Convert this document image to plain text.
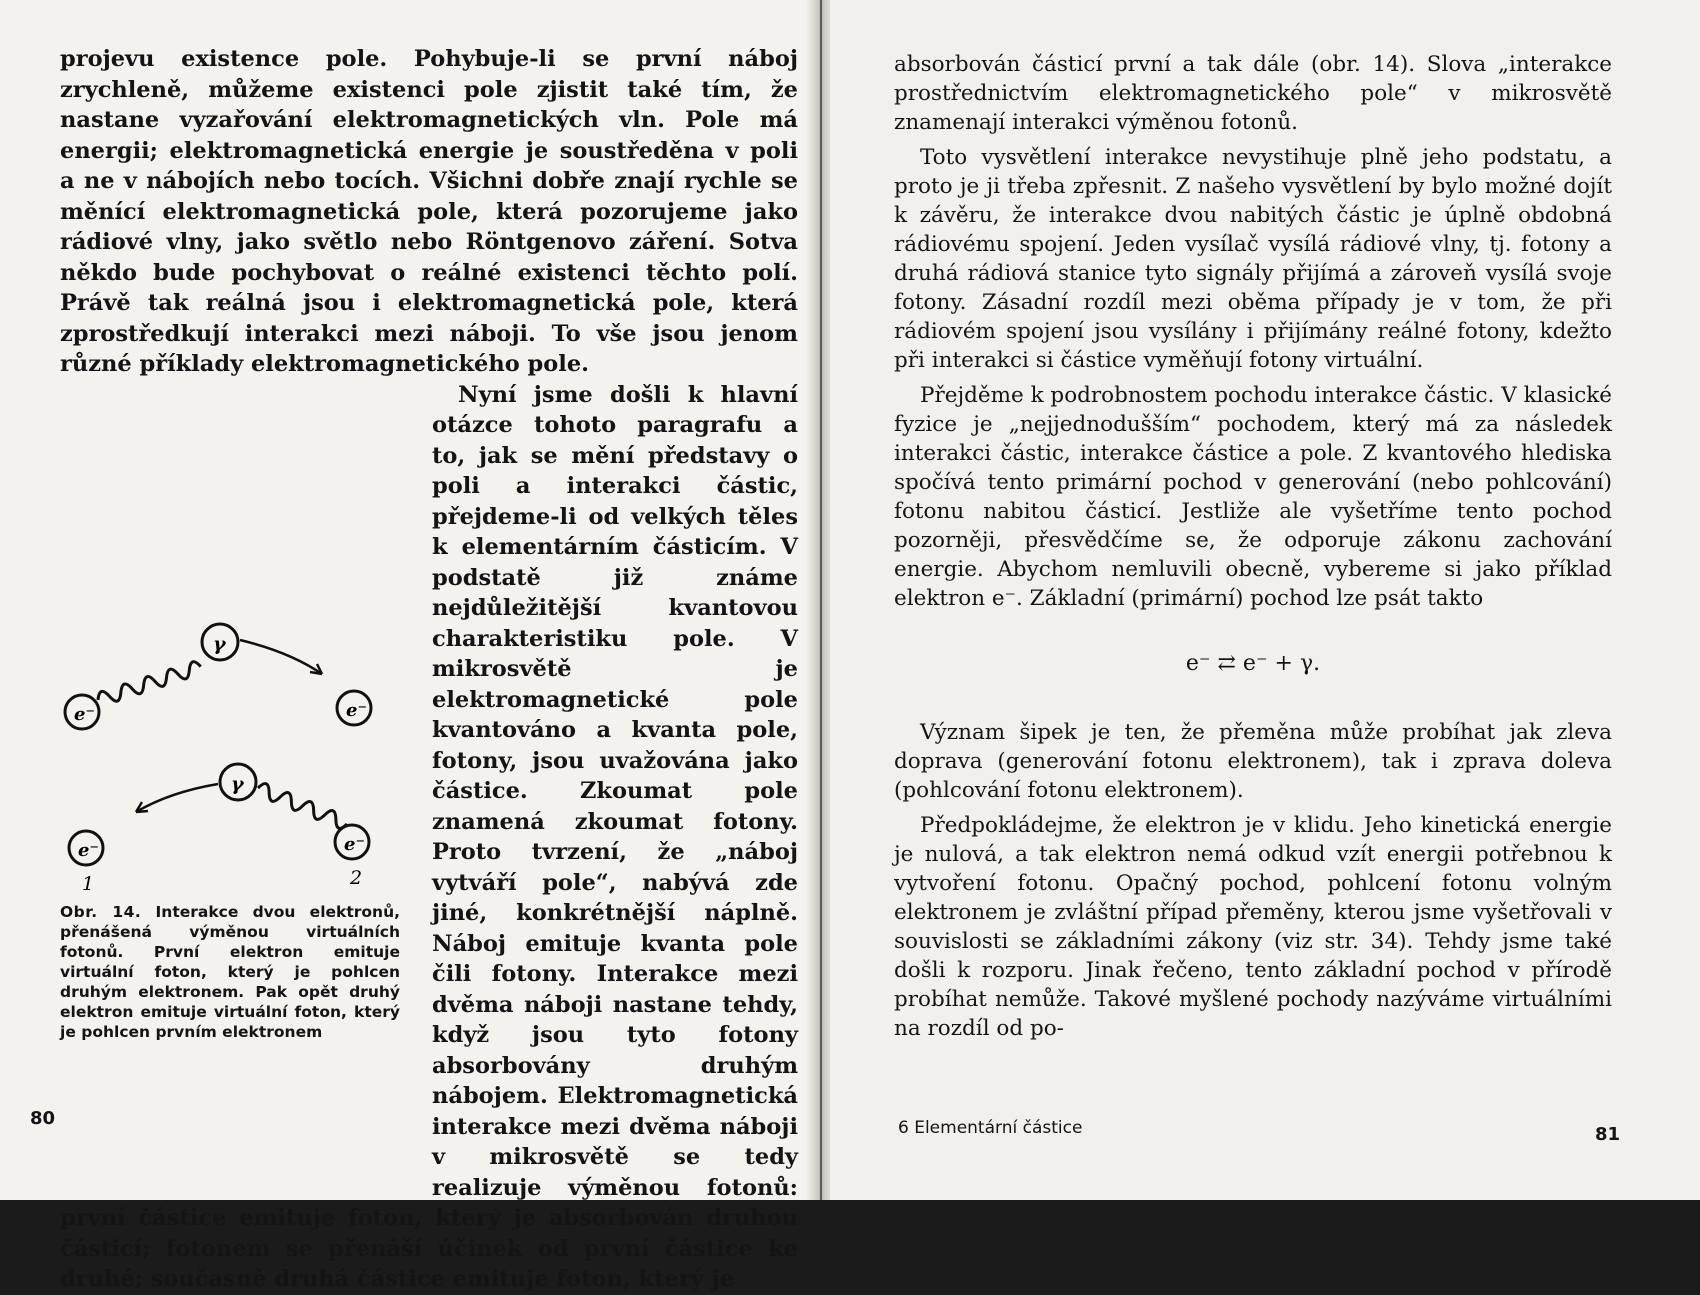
projevu existence pole. Pohybuje-li se první náboj zrychleně, můžeme existenci pole zjistit také tím, že nastane vyzařování elektromagnetických vln. Pole má energii; elektromagnetická energie je soustředěna v poli a ne v nábojích nebo tocích. Všichni dobře znají rychle se měnící elektromagnetická pole, která pozorujeme jako rádiové vlny, jako světlo nebo Röntgenovo záření. Sotva někdo bude pochybovat o reálné existenci těchto polí. Právě tak reálná jsou i elektromagnetická pole, která zprostředkují interakci mezi náboji. To vše jsou jenom různé příklady elektromagnetického pole.

e⁻
γ
e⁻
γ
e⁻
e⁻
1	2
Obr. 14. Interakce dvou elektronů, přenášená výměnou virtuálních fotonů. První elektron emituje virtuální foton, který je pohlcen druhým elektronem. Pak opět druhý elektron emituje virtuální foton, který je pohlcen prvním elektronem

Nyní jsme došli k hlavní otázce tohoto paragrafu a to, jak se mění představy o poli a interakci částic, přejdeme-li od velkých těles k elementárním částicím. V podstatě již známe nejdůležitější kvantovou charakteristiku pole. V mikrosvětě je elektromagnetické pole kvantováno a kvanta pole, fotony, jsou uvažována jako částice. Zkoumat pole znamená zkoumat fotony. Proto tvrzení, že „náboj vytváří pole“, nabývá zde jiné, konkrétnější náplně. Náboj emituje kvanta pole čili fotony. Interakce mezi dvěma náboji nastane tehdy, když jsou tyto fotony absorbovány druhým nábojem. Elektromagnetická interakce mezi dvěma náboji v mikrosvětě se tedy realizuje výměnou fotonů: první částice emituje foton, který je absorbován druhou částicí; fotonem se přenáší účinek od první částice ke druhé; současně druhá částice emituje foton, který je

80

absorbován částicí první a tak dále (obr. 14). Slova „interakce prostřednictvím elektromagnetického pole“ v mikrosvětě znamenají interakci výměnou fotonů.

Toto vysvětlení interakce nevystihuje plně jeho podstatu, a proto je ji třeba zpřesnit. Z našeho vysvětlení by bylo možné dojít k závěru, že interakce dvou nabitých částic je úplně obdobná rádiovému spojení. Jeden vysílač vysílá rádiové vlny, tj. fotony a druhá rádiová stanice tyto signály přijímá a zároveň vysílá svoje fotony. Zásadní rozdíl mezi oběma případy je v tom, že při rádiovém spojení jsou vysílány i přijímány reálné fotony, kdežto při interakci si částice vyměňují fotony virtuální.

Přejděme k podrobnostem pochodu interakce částic. V klasické fyzice je „nejjednodušším“ pochodem, který má za následek interakci částic, interakce částice a pole. Z kvantového hlediska spočívá tento primární pochod v generování (nebo pohlcování) fotonu nabitou částicí. Jestliže ale vyšetříme tento pochod pozorněji, přesvědčíme se, že odporuje zákonu zachování energie. Abychom nemluvili obecně, vybereme si jako příklad elektron e⁻. Základní (primární) pochod lze psát takto

e⁻ ⇄ e⁻ + γ.

Význam šipek je ten, že přeměna může probíhat jak zleva doprava (generování fotonu elektronem), tak i zprava doleva (pohlcování fotonu elektronem).

Předpokládejme, že elektron je v klidu. Jeho kinetická energie je nulová, a tak elektron nemá odkud vzít energii potřebnou k vytvoření fotonu. Opačný pochod, pohlcení fotonu volným elektronem je zvláštní případ přeměny, kterou jsme vyšetřovali v souvislosti se základními zákony (viz str. 34). Tehdy jsme také došli k rozporu. Jinak řečeno, tento základní pochod v přírodě probíhat nemůže. Takové myšlené pochody nazýváme virtuálními na rozdíl od po-

6 Elementární částice	81
